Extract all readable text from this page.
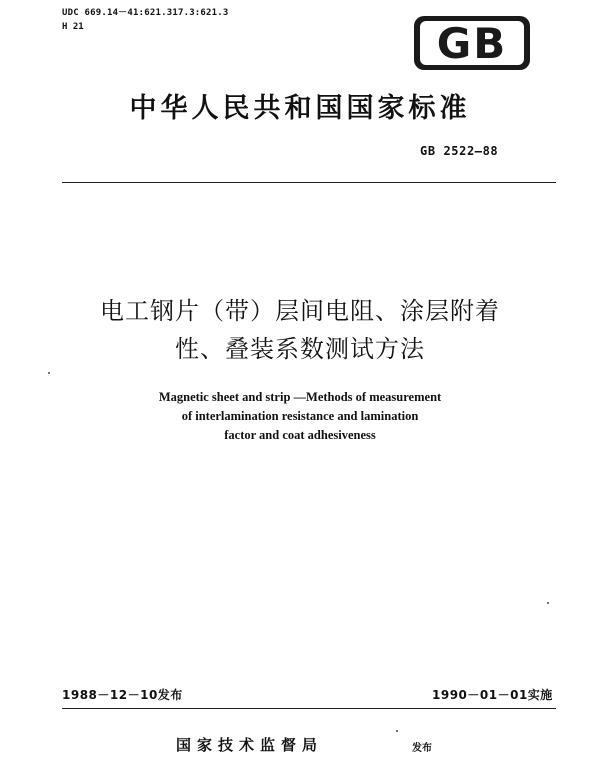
UDC 669.14－41:621.317.3:621.3
H 21	GB
中华人民共和国国家标准
GB 2522—88
电工钢片（带）层间电阻、涂层附着
性、叠装系数测试方法
Magnetic sheet and strip —Methods of measurement
of interlamination resistance and lamination
factor and coat adhesiveness
1988－12－10发布	1990－01－01实施
国家技术监督局	发布
